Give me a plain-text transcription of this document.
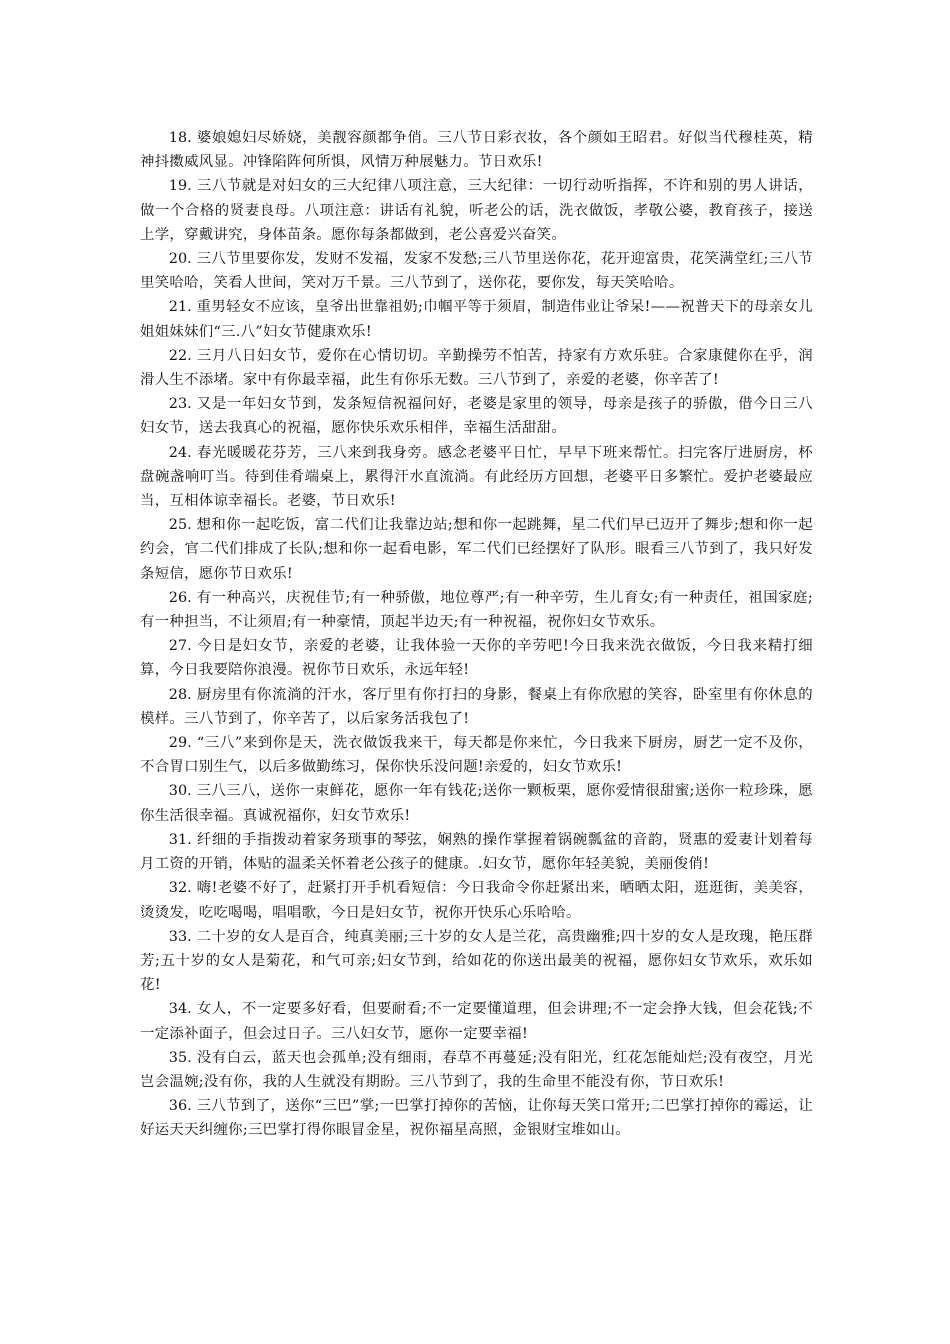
18. 婆娘媳妇尽娇娆，美靓容颜都争俏。三八节日彩衣妆，各个颜如王昭君。好似当代穆桂英，精神抖擞威风显。冲锋陷阵何所惧，风情万种展魅力。节日欢乐!

19. 三八节就是对妇女的三大纪律八项注意，三大纪律：一切行动听指挥，不许和别的男人讲话，做一个合格的贤妻良母。八项注意：讲话有礼貌，听老公的话，洗衣做饭，孝敬公婆，教育孩子，接送上学，穿戴讲究，身体苗条。愿你每条都做到，老公喜爱兴奋笑。

20. 三八节里要你发，发财不发福，发家不发愁;三八节里送你花，花开迎富贵，花笑满堂红;三八节里笑哈哈，笑看人世间，笑对万千景。三八节到了，送你花，要你发，每天笑哈哈。

21. 重男轻女不应该，皇爷出世靠祖奶;巾帼平等于须眉，制造伟业让爷呆!——祝普天下的母亲女儿姐姐妹妹们“三.八”妇女节健康欢乐!

22. 三月八日妇女节，爱你在心情切切。辛勤操劳不怕苦，持家有方欢乐驻。合家康健你在乎，润滑人生不添堵。家中有你最幸福，此生有你乐无数。三八节到了，亲爱的老婆，你辛苦了!

23. 又是一年妇女节到，发条短信祝福问好，老婆是家里的领导，母亲是孩子的骄傲，借今日三八妇女节，送去我真心的祝福，愿你快乐欢乐相伴，幸福生活甜甜。

24. 春光暖暖花芬芳，三八来到我身旁。感念老婆平日忙，早早下班来帮忙。扫完客厅进厨房，杯盘碗盏响叮当。待到佳肴端桌上，累得汗水直流淌。有此经历方回想，老婆平日多繁忙。爱护老婆最应当，互相体谅幸福长。老婆，节日欢乐!

25. 想和你一起吃饭，富二代们让我靠边站;想和你一起跳舞，星二代们早已迈开了舞步;想和你一起约会，官二代们排成了长队;想和你一起看电影，军二代们已经摆好了队形。眼看三八节到了，我只好发条短信，愿你节日欢乐!

26. 有一种高兴，庆祝佳节;有一种骄傲，地位尊严;有一种辛劳，生儿育女;有一种责任，祖国家庭;有一种担当，不让须眉;有一种豪情，顶起半边天;有一种祝福，祝你妇女节欢乐。

27. 今日是妇女节，亲爱的老婆，让我体验一天你的辛劳吧!今日我来洗衣做饭，今日我来精打细算，今日我要陪你浪漫。祝你节日欢乐，永远年轻!

28. 厨房里有你流淌的汗水，客厅里有你打扫的身影，餐桌上有你欣慰的笑容，卧室里有你休息的模样。三八节到了，你辛苦了，以后家务活我包了!

29. “三八”来到你是天，洗衣做饭我来干，每天都是你来忙，今日我来下厨房，厨艺一定不及你，不合胃口别生气，以后多做勤练习，保你快乐没问题!亲爱的，妇女节欢乐!

30. 三八三八，送你一束鲜花，愿你一年有钱花;送你一颗板栗，愿你爱情很甜蜜;送你一粒珍珠，愿你生活很幸福。真诚祝福你，妇女节欢乐!

31. 纤细的手指拨动着家务琐事的琴弦，娴熟的操作掌握着锅碗瓢盆的音韵，贤惠的爱妻计划着每月工资的开销，体贴的温柔关怀着老公孩子的健康。.妇女节，愿你年轻美貌，美丽俊俏!

32. 嗨!老婆不好了，赶紧打开手机看短信：今日我命令你赶紧出来，晒晒太阳，逛逛街，美美容，烫烫发，吃吃喝喝，唱唱歌，今日是妇女节，祝你开快乐心乐哈哈。

33. 二十岁的女人是百合，纯真美丽;三十岁的女人是兰花，高贵幽雅;四十岁的女人是玫瑰，艳压群芳;五十岁的女人是菊花，和气可亲;妇女节到，给如花的你送出最美的祝福，愿你妇女节欢乐，欢乐如花!

34. 女人，不一定要多好看，但要耐看;不一定要懂道理，但会讲理;不一定会挣大钱，但会花钱;不一定添补面子，但会过日子。三八妇女节，愿你一定要幸福!

35. 没有白云，蓝天也会孤单;没有细雨，春草不再蔓延;没有阳光，红花怎能灿烂;没有夜空，月光岂会温婉;没有你，我的人生就没有期盼。三八节到了，我的生命里不能没有你，节日欢乐!

36. 三八节到了，送你“三巴”掌;一巴掌打掉你的苦恼，让你每天笑口常开;二巴掌打掉你的霉运，让好运天天纠缠你;三巴掌打得你眼冒金星，祝你福星高照，金银财宝堆如山。
